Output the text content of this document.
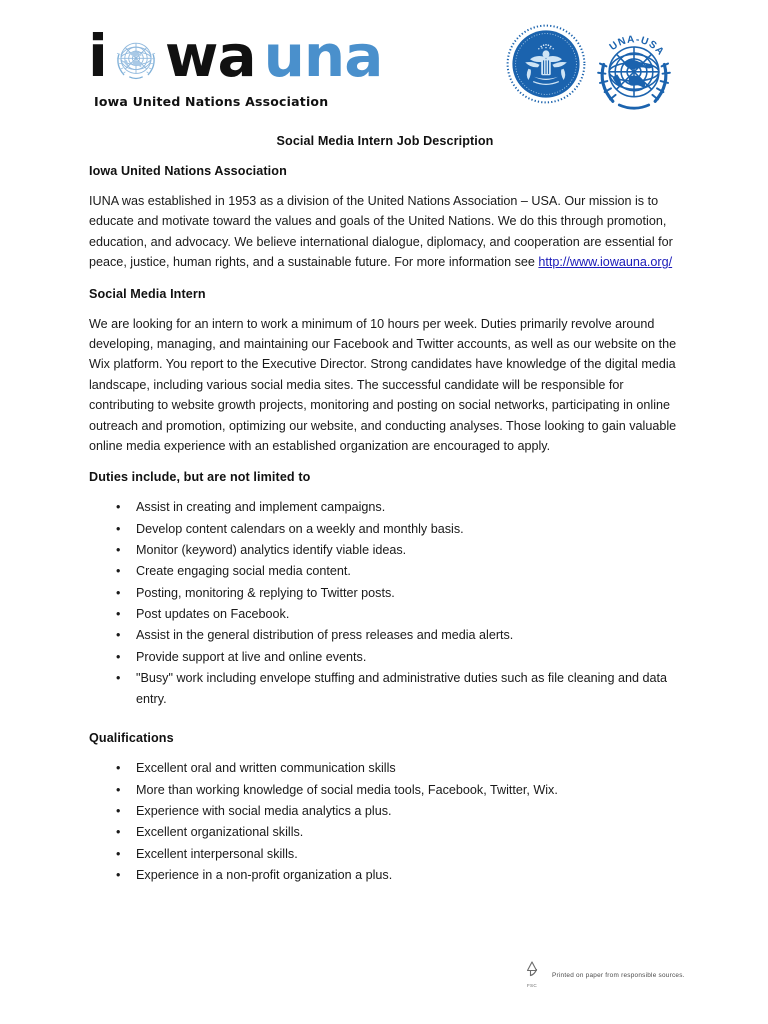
i wa una
Iowa United Nations Association
UNA-USA
Social Media Intern Job Description
Iowa United Nations Association

IUNA was established in 1953 as a division of the United Nations Association – USA. Our mission is to educate and motivate toward the values and goals of the United Nations. We do this through promotion, education, and advocacy. We believe international dialogue, diplomacy, and cooperation are essential for peace, justice, human rights, and a sustainable future. For more information see http://www.iowauna.org/

Social Media Intern

We are looking for an intern to work a minimum of 10 hours per week. Duties primarily revolve around developing, managing, and maintaining our Facebook and Twitter accounts, as well as our website on the Wix platform. You report to the Executive Director. Strong candidates have knowledge of the digital media landscape, including various social media sites. The successful candidate will be responsible for contributing to website growth projects, monitoring and posting on social networks, participating in online outreach and promotion, optimizing our website, and conducting analyses. Those looking to gain valuable online media experience with an established organization are encouraged to apply.

Duties include, but are not limited to
• Assist in creating and implement campaigns.
• Develop content calendars on a weekly and monthly basis.
• Monitor (keyword) analytics identify viable ideas.
• Create engaging social media content.
• Posting, monitoring & replying to Twitter posts.
• Post updates on Facebook.
• Assist in the general distribution of press releases and media alerts.
• Provide support at live and online events.
• "Busy" work including envelope stuffing and administrative duties such as file cleaning and data entry.
Qualifications
• Excellent oral and written communication skills
• More than working knowledge of social media tools, Facebook, Twitter, Wix.
• Experience with social media analytics a plus.
• Excellent organizational skills.
• Excellent interpersonal skills.
• Experience in a non-profit organization a plus.
FSC
Printed on paper from responsible sources.
